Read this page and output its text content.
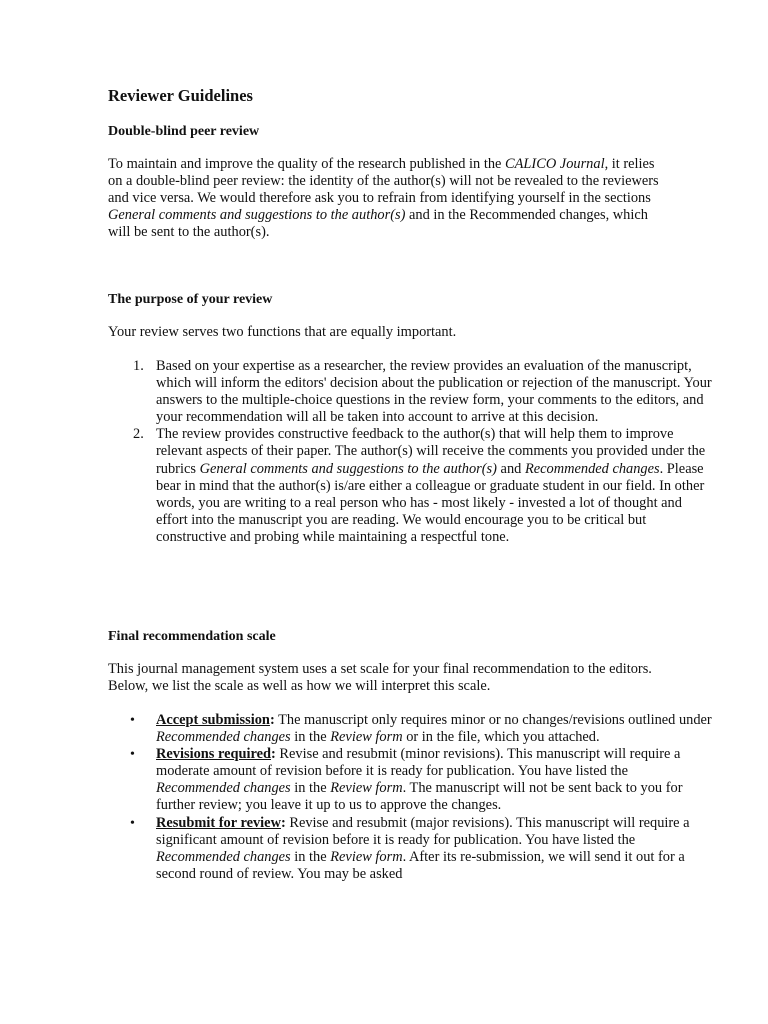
Reviewer Guidelines
Double-blind peer review

To maintain and improve the quality of the research published in the CALICO Journal, it relies on a double-blind peer review: the identity of the author(s) will not be revealed to the reviewers and vice versa. We would therefore ask you to refrain from identifying yourself in the sections General comments and suggestions to the author(s) and in the Recommended changes, which will be sent to the author(s).

The purpose of your review

Your review serves two functions that are equally important.

1. Based on your expertise as a researcher, the review provides an evaluation of the manuscript, which will inform the editors' decision about the publication or rejection of the manuscript. Your answers to the multiple-choice questions in the review form, your comments to the editors, and your recommendation will all be taken into account to arrive at this decision.
2. The review provides constructive feedback to the author(s) that will help them to improve relevant aspects of their paper. The author(s) will receive the comments you provided under the rubrics General comments and suggestions to the author(s) and Recommended changes. Please bear in mind that the author(s) is/are either a colleague or graduate student in our field. In other words, you are writing to a real person who has - most likely - invested a lot of thought and effort into the manuscript you are reading. We would encourage you to be critical but constructive and probing while maintaining a respectful tone.
Final recommendation scale

This journal management system uses a set scale for your final recommendation to the editors. Below, we list the scale as well as how we will interpret this scale.

• Accept submission: The manuscript only requires minor or no changes/revisions outlined under Recommended changes in the Review form or in the file, which you attached.
• Revisions required: Revise and resubmit (minor revisions). This manuscript will require a moderate amount of revision before it is ready for publication. You have listed the Recommended changes in the Review form. The manuscript will not be sent back to you for further review; you leave it up to us to approve the changes.
• Resubmit for review: Revise and resubmit (major revisions). This manuscript will require a significant amount of revision before it is ready for publication. You have listed the Recommended changes in the Review form. After its re-submission, we will send it out for a second round of review. You may be asked
